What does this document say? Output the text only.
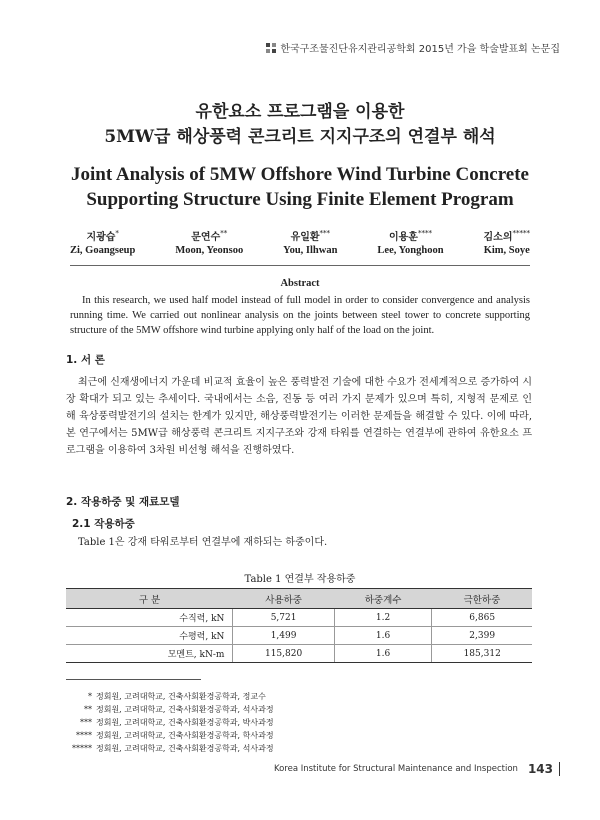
한국구조물진단유지관리공학회 2015년 가을 학술발표회 논문집
유한요소 프로그램을 이용한
5MW급 해상풍력 콘크리트 지지구조의 연결부 해석
Joint Analysis of 5MW Offshore Wind Turbine Concrete
Supporting Structure Using Finite Element Program
지광습*
Zi, Goangseup
문연수**
Moon, Yeonsoo
유일환***
You, Ilhwan
이용훈****
Lee, Yonghoon
김소의*****
Kim, Soye
Abstract
In this research, we used half model instead of full model in order to consider convergence and analysis running time. We carried out nonlinear analysis on the joints between steel tower to concrete supporting structure of the 5MW offshore wind turbine applying only half of the load on the joint.
1. 서 론
최근에 신재생에너지 가운데 비교적 효율이 높은 풍력발전 기술에 대한 수요가 전세계적으로 증가하여 시장 확대가 되고 있는 추세이다. 국내에서는 소음, 진동 등 여러 가지 문제가 있으며 특히, 지형적 문제로 인해 육상풍력발전기의 설치는 한계가 있지만, 해상풍력발전기는 이러한 문제들을 해결할 수 있다. 이에 따라, 본 연구에서는 5MW급 해상풍력 콘크리트 지지구조와 강재 타워를 연결하는 연결부에 관하여 유한요소 프로그램을 이용하여 3차원 비선형 해석을 진행하였다.
2. 작용하중 및 재료모델
2.1 작용하중
Table 1은 강재 타워로부터 연결부에 재하되는 하중이다.
Table 1 연결부 작용하중
구 분	사용하중	하중계수	극한하중
수직력, kN	5,721	1.2	6,865
수평력, kN	1,499	1.6	2,399
모멘트, kN-m	115,820	1.6	185,312
* 정회원, 고려대학교, 건축사회환경공학과, 정교수
** 정회원, 고려대학교, 건축사회환경공학과, 석사과정
*** 정회원, 고려대학교, 건축사회환경공학과, 박사과정
**** 정회원, 고려대학교, 건축사회환경공학과, 학사과정
***** 정회원, 고려대학교, 건축사회환경공학과, 석사과정
Korea Institute for Structural Maintenance and Inspection 143
